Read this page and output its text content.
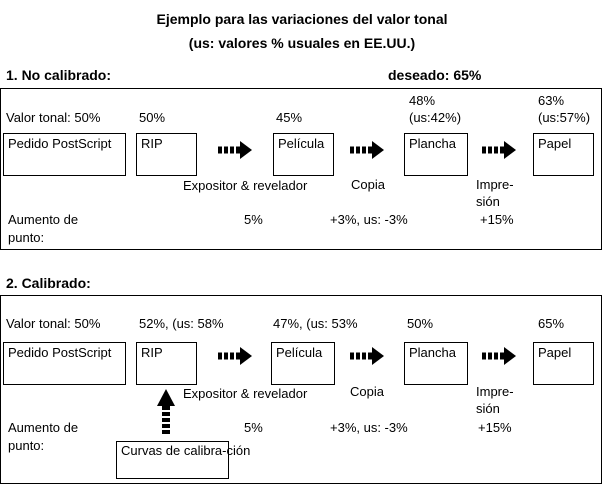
Ejemplo para las variaciones del valor tonal
(us: valores % usuales en EE.UU.)
1. No calibrado:	deseado: 65%
Valor tonal: 50%	50%	45%
48%
(us:42%)
63%
(us:57%)
Pedido PostScript RIP	Película	Plancha	Papel
Expositor & revelador	Copia	Impre-
sión
Aumento de
punto:
5%	+3%, us: -3%	+15%
2. Calibrado:
Valor tonal: 50%	52%, (us: 58%	47%, (us: 53%	50%	65%
Pedido PostScript RIP	Película	Plancha	Papel
Expositor & revelador	Copia	Impre-
sión
Aumento de
punto:
5%	+3%, us: -3%	+15%
Curvas de calibra-ción
